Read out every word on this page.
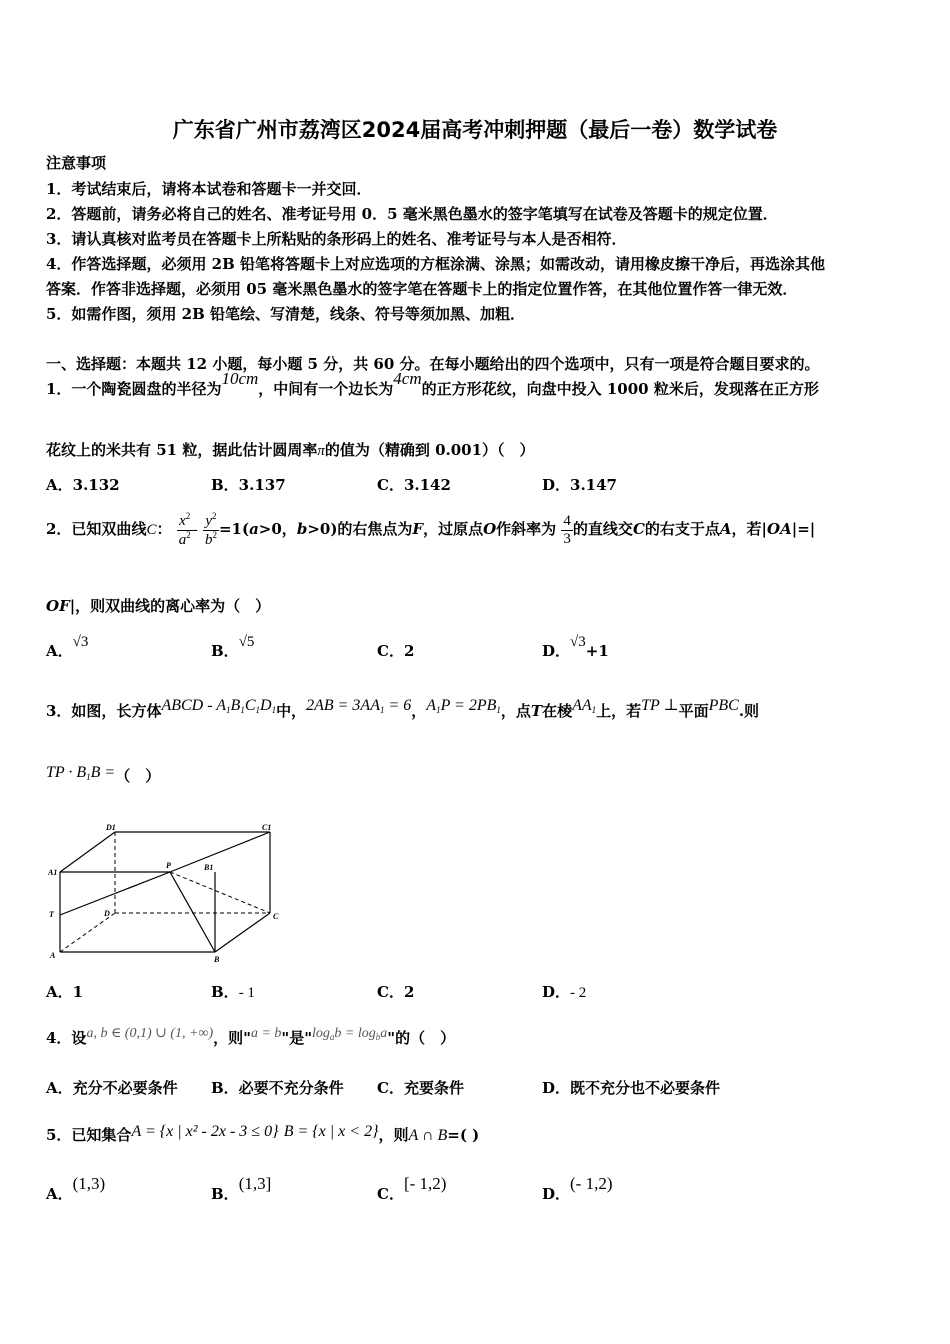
广东省广州市荔湾区2024届高考冲刺押题（最后一卷）数学试卷
注意事项
1．考试结束后，请将本试卷和答题卡一并交回．
2．答题前，请务必将自己的姓名、准考证号用 0．5 毫米黑色墨水的签字笔填写在试卷及答题卡的规定位置．
3．请认真核对监考员在答题卡上所粘贴的条形码上的姓名、准考证号与本人是否相符．
4．作答选择题，必须用 2B 铅笔将答题卡上对应选项的方框涂满、涂黑；如需改动，请用橡皮擦干净后，再选涂其他
答案．作答非选择题，必须用 05 毫米黑色墨水的签字笔在答题卡上的指定位置作答，在其他位置作答一律无效．
5．如需作图，须用 2B 铅笔绘、写清楚，线条、符号等须加黑、加粗．
一、选择题：本题共 12 小题，每小题 5 分，共 60 分。在每小题给出的四个选项中，只有一项是符合题目要求的。
1．一个陶瓷圆盘的半径为10cm，中间有一个边长为4cm的正方形花纹，向盘中投入 1000 粒米后，发现落在正方形
花纹上的米共有 51 粒，据此估计圆周率π的值为（精确到 0.001）（　）
A．3.132	B．3.137	C．3.142	D．3.147
2．已知双曲线C： $\frac{x^2}{a^2} - \frac{y^2}{b^2} =1(a>0$，b>0)的右焦点为F，过原点O作斜率为 $\frac{4}{3}$ 的直线交C的右支于点A，若|OA|=|
OF|，则双曲线的离心率为（　）
A．√3	B．√5	C．2	D．√3+1
3．如图，长方体ABCD - $A_1B_1C_1D_1$中，$2AB = 3AA_1 = 6$，$A_1P = 2PB_1$，点T在棱$AA_1$上，若TP ⊥平面PBC.则
TP · $B_1B$ =（　）
D1	C1
A1
P	B1
T	D	C
A	B
A．1	B．- 1	C．2	D．- 2
4．设a, b ∈ (0,1) ∪ (1, +∞)，则"a = b"是"$\log_ab = \log_ba$"的（　）
A．充分不必要条件 B．必要不充分条件 C．充要条件	D．既不充分也不必要条件
5．已知集合A = {x | x² - 2x - 3 ≤ 0} B = {x | x < 2}，则A ∩ B=( )
A．(1,3)
B．(1,3]
C．[- 1,2)
D．(- 1,2)
